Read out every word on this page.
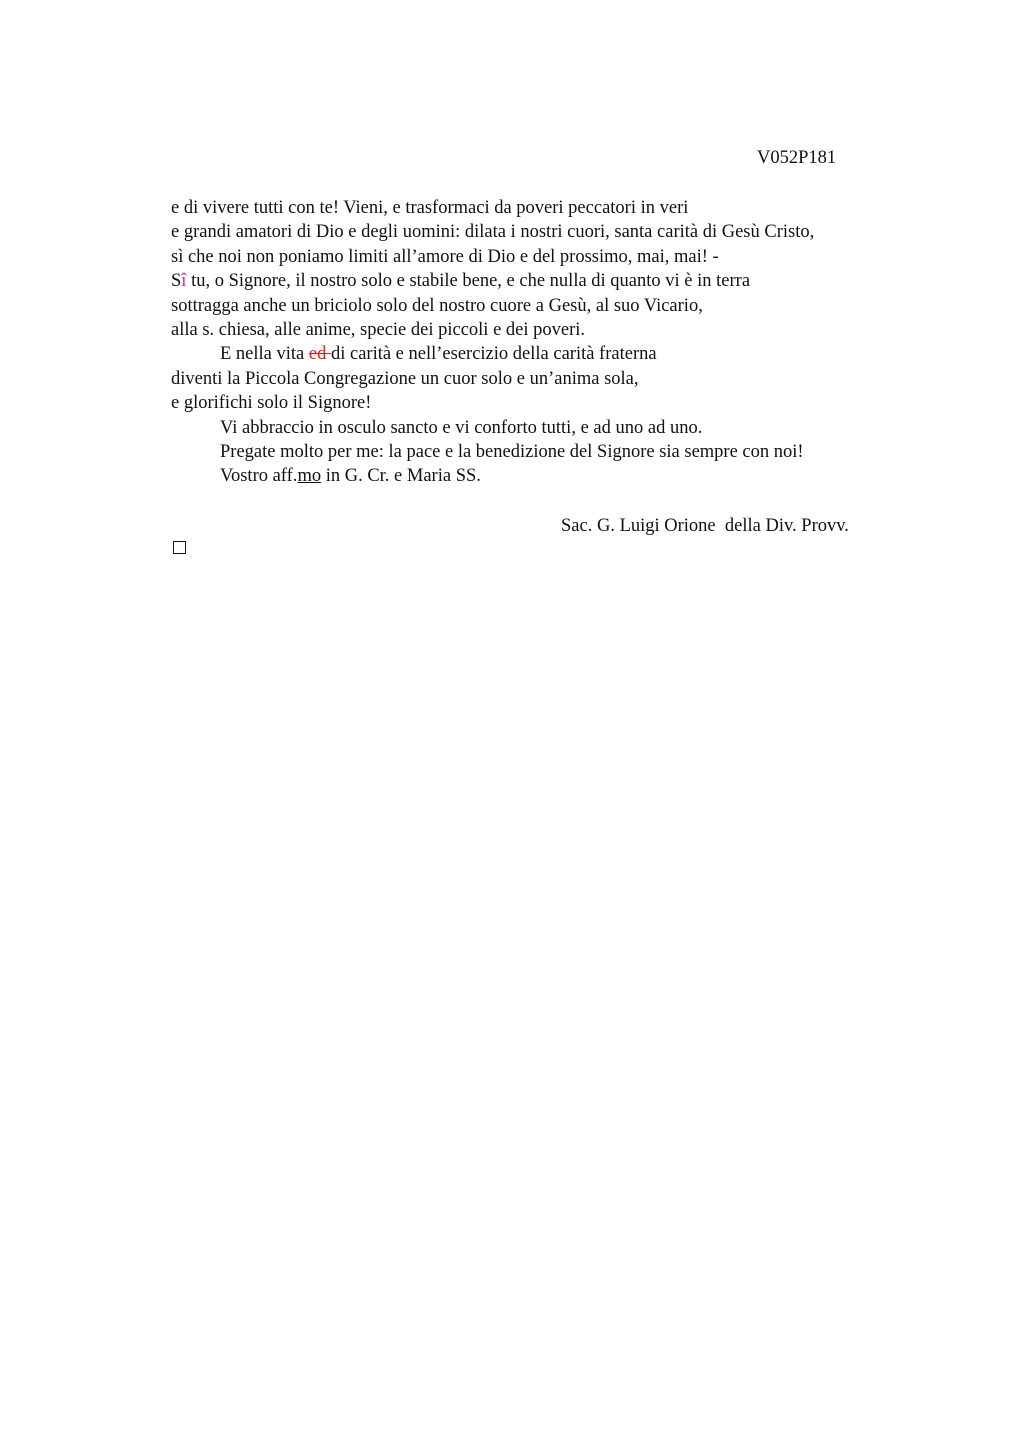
V052P181
e di vivere tutti con te! Vieni, e trasformaci da poveri peccatori in veri
e grandi amatori di Dio e degli uomini: dilata i nostri cuori, santa carità di Gesù Cristo,
sì che noi non poniamo limiti all’amore di Dio e del prossimo, mai, mai! -
Sî tu, o Signore, il nostro solo e stabile bene, e che nulla di quanto vi è in terra
sottragga anche un briciolo solo del nostro cuore a Gesù, al suo Vicario,
alla s. chiesa, alle anime, specie dei piccoli e dei poveri.
E nella vita ed di carità e nell’esercizio della carità fraterna
diventi la Piccola Congregazione un cuor solo e un’anima sola,
e glorifichi solo il Signore!
Vi abbraccio in osculo sancto e vi conforto tutti, e ad uno ad uno.
Pregate molto per me: la pace e la benedizione del Signore sia sempre con noi!
Vostro aff.mo in G. Cr. e Maria SS.
Sac. G. Luigi Orione  della Div. Provv.
